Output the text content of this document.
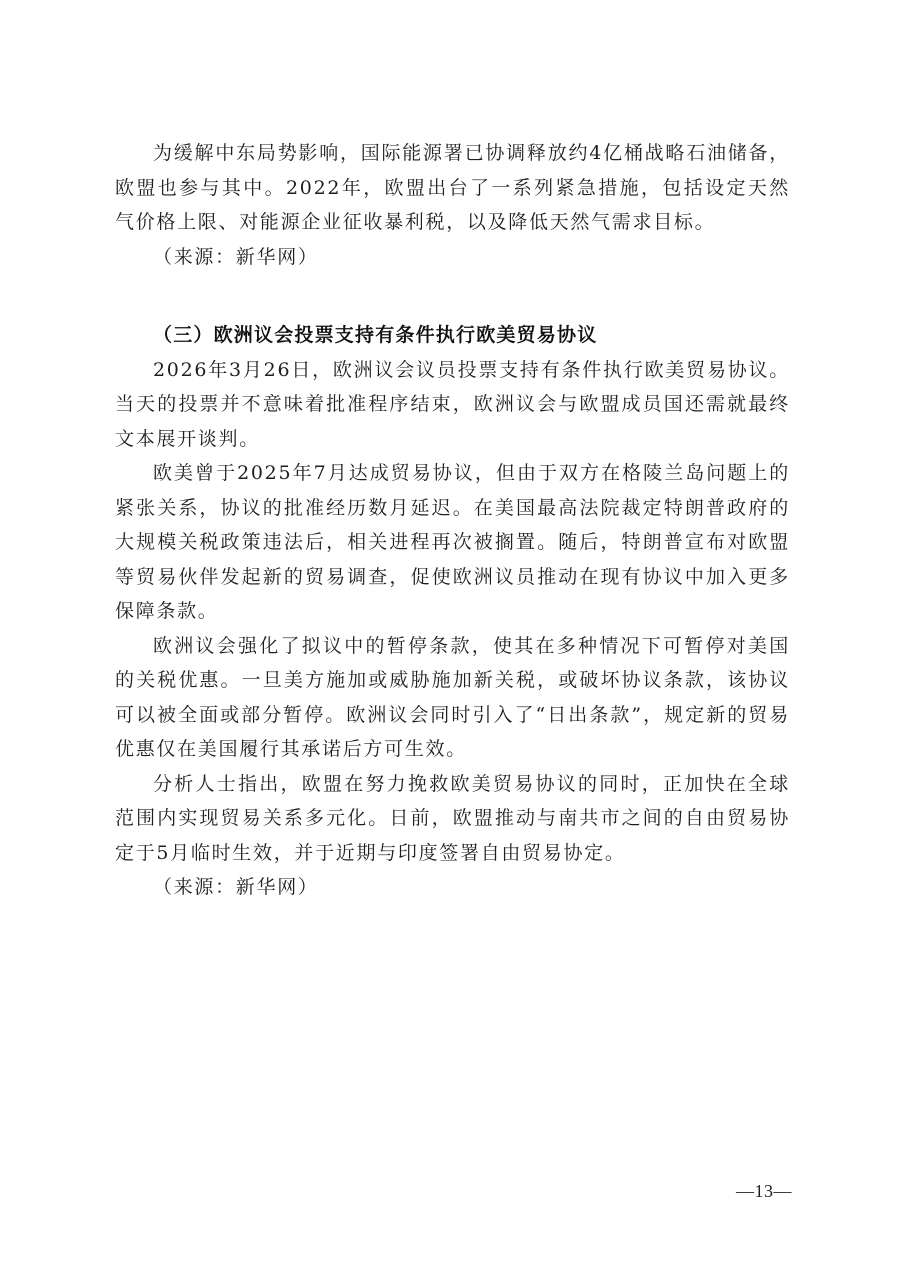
为缓解中东局势影响，国际能源署已协调释放约4亿桶战略石油储备，欧盟也参与其中。2022年，欧盟出台了一系列紧急措施，包括设定天然气价格上限、对能源企业征收暴利税，以及降低天然气需求目标。

（来源：新华网）

（三）欧洲议会投票支持有条件执行欧美贸易协议

2026年3月26日，欧洲议会议员投票支持有条件执行欧美贸易协议。当天的投票并不意味着批准程序结束，欧洲议会与欧盟成员国还需就最终文本展开谈判。

欧美曾于2025年7月达成贸易协议，但由于双方在格陵兰岛问题上的紧张关系，协议的批准经历数月延迟。在美国最高法院裁定特朗普政府的大规模关税政策违法后，相关进程再次被搁置。随后，特朗普宣布对欧盟等贸易伙伴发起新的贸易调查，促使欧洲议员推动在现有协议中加入更多保障条款。

欧洲议会强化了拟议中的暂停条款，使其在多种情况下可暂停对美国的关税优惠。一旦美方施加或威胁施加新关税，或破坏协议条款，该协议可以被全面或部分暂停。欧洲议会同时引入了“日出条款”，规定新的贸易优惠仅在美国履行其承诺后方可生效。

分析人士指出，欧盟在努力挽救欧美贸易协议的同时，正加快在全球范围内实现贸易关系多元化。日前，欧盟推动与南共市之间的自由贸易协定于5月临时生效，并于近期与印度签署自由贸易协定。

（来源：新华网）

—13—
